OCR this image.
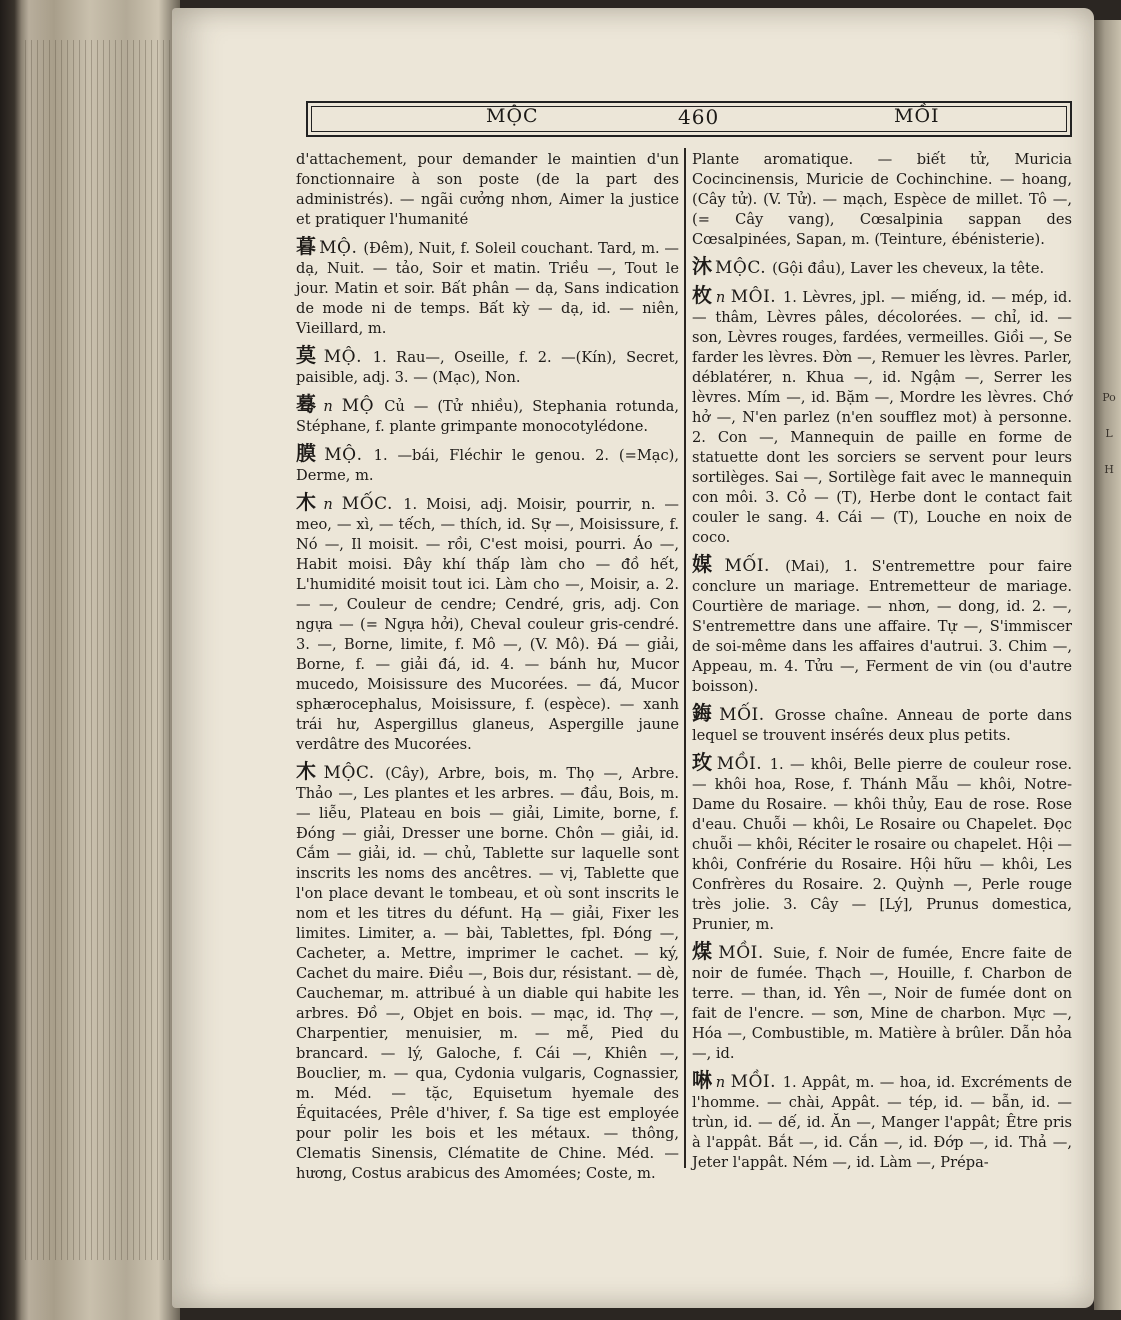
Po L H
MỘC	460	MỒI
d'attachement, pour demander le maintien d'un fonctionnaire à son poste (de la part des administrés). — ngãi cưởng nhơn, Aimer la justice et pratiquer l'humanité
暮 MỘ. (Đêm), Nuit, f. Soleil couchant. Tard, m. — dạ, Nuit. — tảo, Soir et matin. Triều —, Tout le jour. Matin et soir. Bất phân — dạ, Sans indication de mode ni de temps. Bất kỳ — dạ, id. — niên, Vieillard, m.
莫 MỘ. 1. Rau—, Oseille, f. 2. —(Kín), Secret, paisible, adj. 3. — (Mạc), Non.
蓦 n MỘ Củ — (Tử nhiều), Stephania rotunda, Stéphane, f. plante grimpante monocotylédone.
膜 MỘ. 1. —bái, Fléchir le genou. 2. (=Mạc), Derme, m.
木 n MỐC. 1. Moisi, adj. Moisir, pourrir, n. — meo, — xì, — tếch, — thích, id. Sự —, Moisissure, f. Nó —, Il moisit. — rồi, C'est moisi, pourri. Áo —, Habit moisi. Đây khí thấp làm cho — đồ hết, L'humidité moisit tout ici. Làm cho —, Moisir, a. 2. — —, Couleur de cendre; Cendré, gris, adj. Con ngựa — (= Ngựa hởi), Cheval couleur gris-cendré. 3. —, Borne, limite, f. Mô —, (V. Mô). Đá — giải, Borne, f. — giải đá, id. 4. — bánh hư, Mucor mucedo, Moisissure des Mucorées. — đá, Mucor sphærocephalus, Moisissure, f. (espèce). — xanh trái hư, Aspergillus glaneus, Aspergille jaune verdâtre des Mucorées.
木 MỘC. (Cây), Arbre, bois, m. Thọ —, Arbre. Thảo —, Les plantes et les arbres. — đầu, Bois, m. — liễu, Plateau en bois — giải, Limite, borne, f. Đóng — giải, Dresser une borne. Chôn — giải, id. Cắm — giải, id. — chủ, Tablette sur laquelle sont inscrits les noms des ancêtres. — vị, Tablette que l'on place devant le tombeau, et où sont inscrits le nom et les titres du défunt. Hạ — giải, Fixer les limites. Limiter, a. — bài, Tablettes, fpl. Đóng —, Cacheter, a. Mettre, imprimer le cachet. — ký, Cachet du maire. Điều —, Bois dur, résistant. — dè, Cauchemar, m. attribué à un diable qui habite les arbres. Đồ —, Objet en bois. — mạc, id. Thợ —, Charpentier, menuisier, m. — mễ, Pied du brancard. — lý, Galoche, f. Cái —, Khiên —, Bouclier, m. — qua, Cydonia vulgaris, Cognassier, m. Méd. — tặc, Equisetum hyemale des Équitacées, Prêle d'hiver, f. Sa tige est employée pour polir les bois et les métaux. — thông, Clematis Sinensis, Clématite de Chine. Méd. — hương, Costus arabicus des Amomées; Coste, m.
Plante aromatique. — biết tử, Muricia Cocincinensis, Muricie de Cochinchine. — hoang, (Cây tử). (V. Tử). — mạch, Espèce de millet. Tô —, (= Cây vang), Cœsalpinia sappan des Cœsalpinées, Sapan, m. (Teinture, ébénisterie).
沐 MỘC. (Gội đầu), Laver les cheveux, la tête.
枚 n MÔI. 1. Lèvres, jpl. — miếng, id. — mép, id. — thâm, Lèvres pâles, décolorées. — chỉ, id. — son, Lèvres rouges, fardées, vermeilles. Giồi —, Se farder les lèvres. Đờn —, Remuer les lèvres. Parler, déblatérer, n. Khua —, id. Ngậm —, Serrer les lèvres. Mím —, id. Bặm —, Mordre les lèvres. Chớ hở —, N'en parlez (n'en soufflez mot) à personne. 2. Con —, Mannequin de paille en forme de statuette dont les sorciers se servent pour leurs sortilèges. Sai —, Sortilège fait avec le mannequin con môi. 3. Cỏ — (T), Herbe dont le contact fait couler le sang. 4. Cái — (T), Louche en noix de coco.
媒 MỐI. (Mai), 1. S'entremettre pour faire conclure un mariage. Entremetteur de mariage. Courtière de mariage. — nhơn, — dong, id. 2. —, S'entremettre dans une affaire. Tự —, S'immiscer de soi-même dans les affaires d'autrui. 3. Chim —, Appeau, m. 4. Tửu —, Ferment de vin (ou d'autre boisson).
鋂 MỐI. Grosse chaîne. Anneau de porte dans lequel se trouvent insérés deux plus petits.
玫 MỒI. 1. — khôi, Belle pierre de couleur rose. — khôi hoa, Rose, f. Thánh Mẫu — khôi, Notre-Dame du Rosaire. — khôi thủy, Eau de rose. Rose d'eau. Chuỗi — khôi, Le Rosaire ou Chapelet. Đọc chuỗi — khôi, Réciter le rosaire ou chapelet. Hội — khôi, Confrérie du Rosaire. Hội hữu — khôi, Les Confrères du Rosaire. 2. Quỳnh —, Perle rouge très jolie. 3. Cây — [Lý], Prunus domestica, Prunier, m.
煤 MỒI. Suie, f. Noir de fumée, Encre faite de noir de fumée. Thạch —, Houille, f. Charbon de terre. — than, id. Yên —, Noir de fumée dont on fait de l'encre. — sơn, Mine de charbon. Mực —, Hóa —, Combustible, m. Matière à brûler. Dẫn hỏa —, id.
啉 n MỒI. 1. Appât, m. — hoa, id. Excréments de l'homme. — chài, Appât. — tép, id. — bẫn, id. — trùn, id. — dế, id. Ăn —, Manger l'appât; Être pris à l'appât. Bắt —, id. Cắn —, id. Đớp —, id. Thả —, Jeter l'appât. Ném —, id. Làm —, Prépa-
